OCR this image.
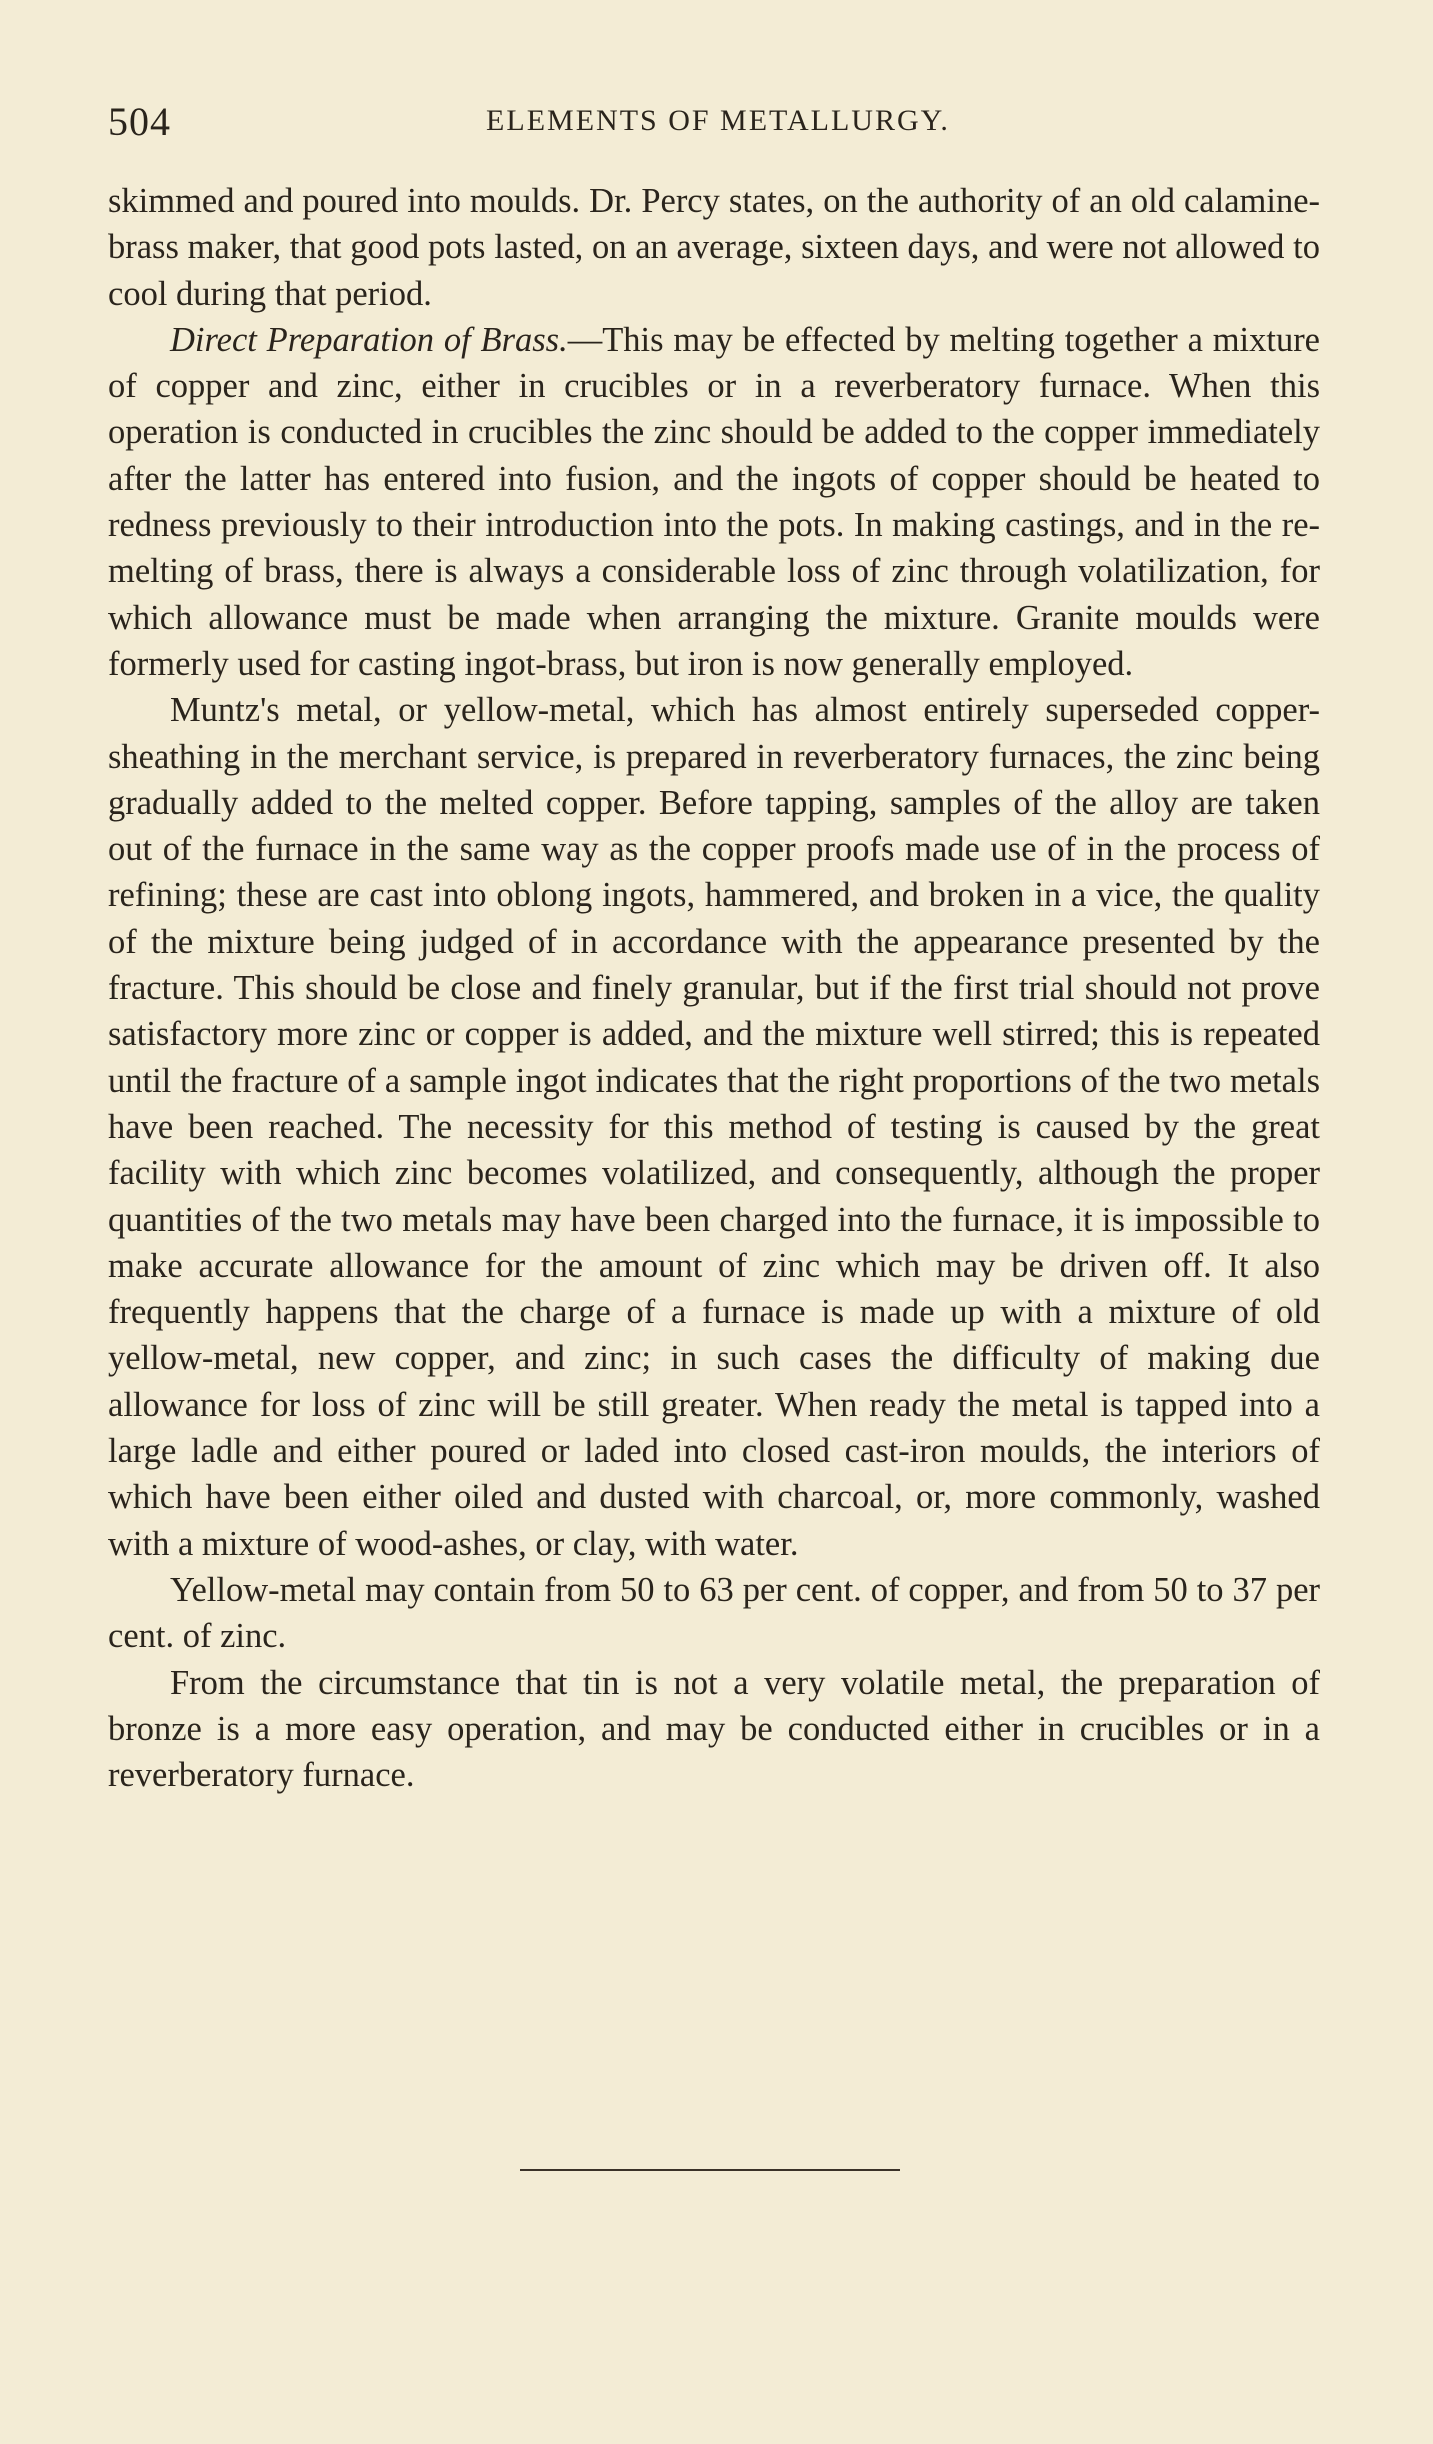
504	ELEMENTS OF METALLURGY.

skimmed and poured into moulds. Dr. Percy states, on the authority of an old calamine-brass maker, that good pots lasted, on an average, sixteen days, and were not allowed to cool during that period.

Direct Preparation of Brass.—This may be effected by melting together a mixture of copper and zinc, either in crucibles or in a reverberatory furnace. When this operation is conducted in crucibles the zinc should be added to the copper immediately after the latter has entered into fusion, and the ingots of copper should be heated to redness previously to their introduction into the pots. In making castings, and in the re-melting of brass, there is always a considerable loss of zinc through volatilization, for which allowance must be made when arranging the mixture. Granite moulds were formerly used for casting ingot-brass, but iron is now generally employed.

Muntz's metal, or yellow-metal, which has almost entirely superseded copper-sheathing in the merchant service, is prepared in reverberatory furnaces, the zinc being gradually added to the melted copper. Before tapping, samples of the alloy are taken out of the furnace in the same way as the copper proofs made use of in the process of refining; these are cast into oblong ingots, hammered, and broken in a vice, the quality of the mixture being judged of in accordance with the appearance presented by the fracture. This should be close and finely granular, but if the first trial should not prove satisfactory more zinc or copper is added, and the mixture well stirred; this is repeated until the fracture of a sample ingot indicates that the right proportions of the two metals have been reached. The necessity for this method of testing is caused by the great facility with which zinc becomes volatilized, and consequently, although the proper quantities of the two metals may have been charged into the furnace, it is impossible to make accurate allowance for the amount of zinc which may be driven off. It also frequently happens that the charge of a furnace is made up with a mixture of old yellow-metal, new copper, and zinc; in such cases the difficulty of making due allowance for loss of zinc will be still greater. When ready the metal is tapped into a large ladle and either poured or laded into closed cast-iron moulds, the interiors of which have been either oiled and dusted with charcoal, or, more commonly, washed with a mixture of wood-ashes, or clay, with water.

Yellow-metal may contain from 50 to 63 per cent. of copper, and from 50 to 37 per cent. of zinc.

From the circumstance that tin is not a very volatile metal, the preparation of bronze is a more easy operation, and may be conducted either in crucibles or in a reverberatory furnace.
